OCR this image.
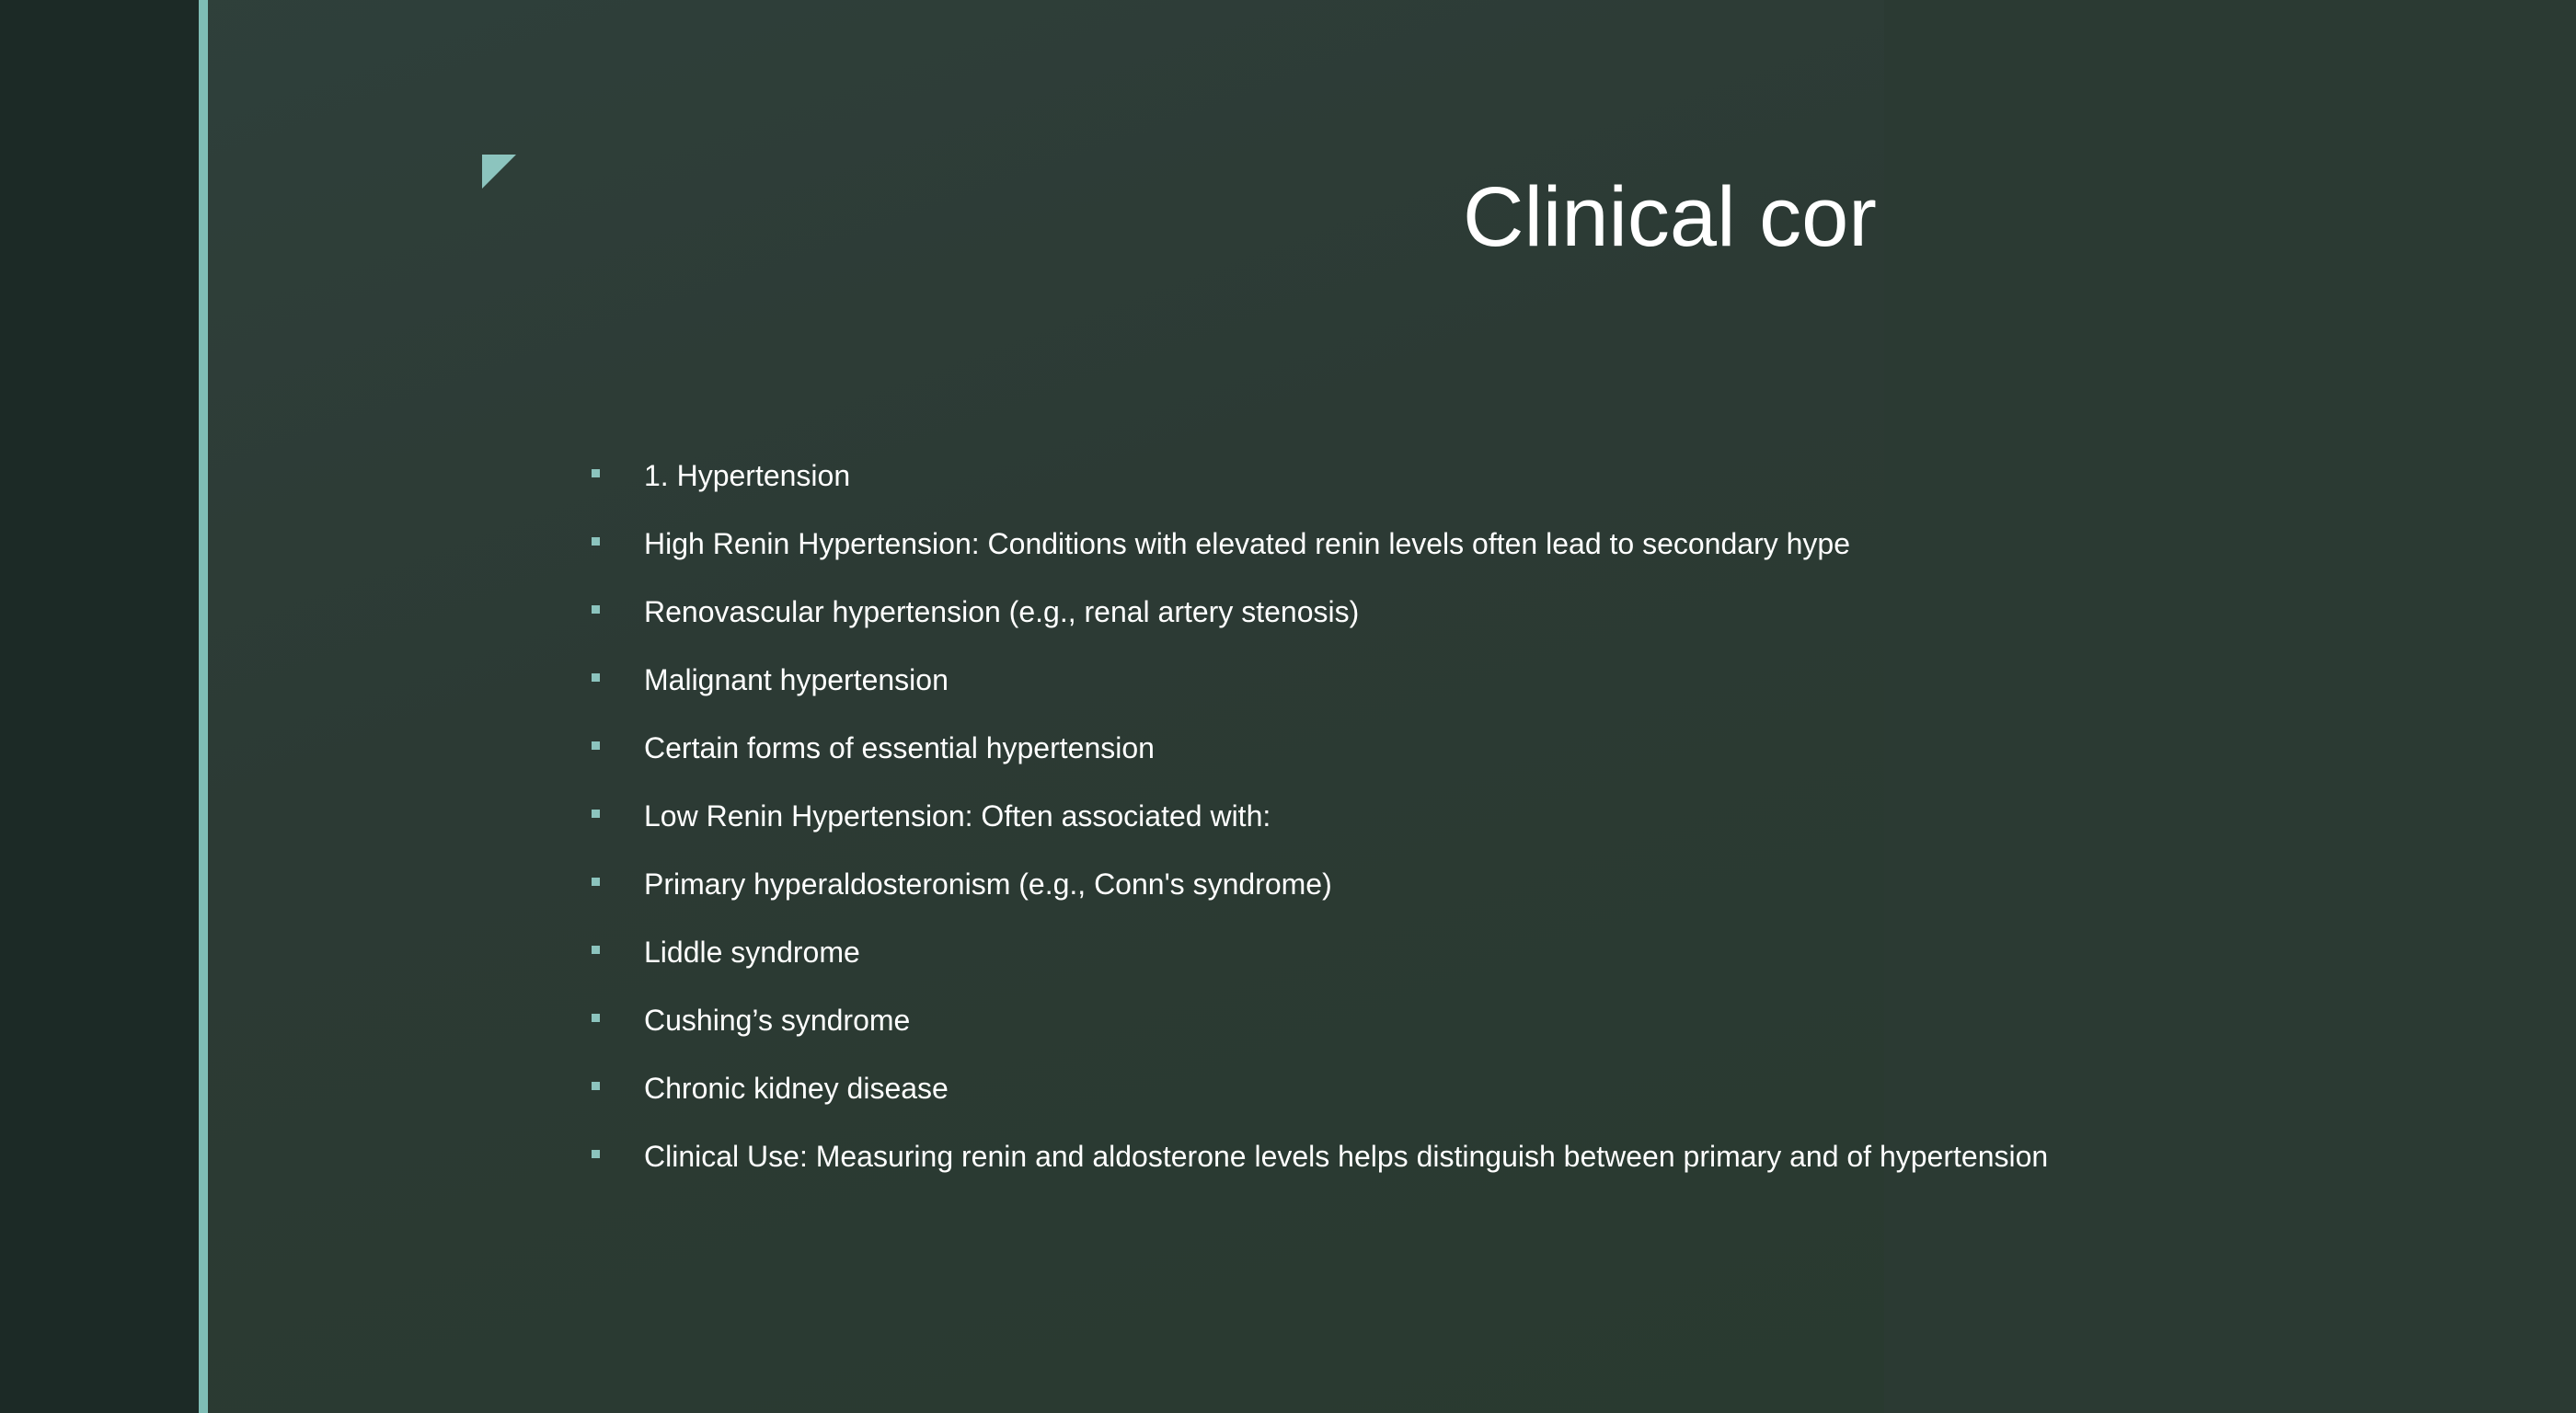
Clinical cor
1. Hypertension
High Renin Hypertension: Conditions with elevated renin levels often lead to secondary hype
Renovascular hypertension (e.g., renal artery stenosis)
Malignant hypertension
Certain forms of essential hypertension
Low Renin Hypertension: Often associated with:
Primary hyperaldosteronism (e.g., Conn's syndrome)
Liddle syndrome
Cushing’s syndrome
Chronic kidney disease
Clinical Use: Measuring renin and aldosterone levels helps distinguish between primary and of hypertension
